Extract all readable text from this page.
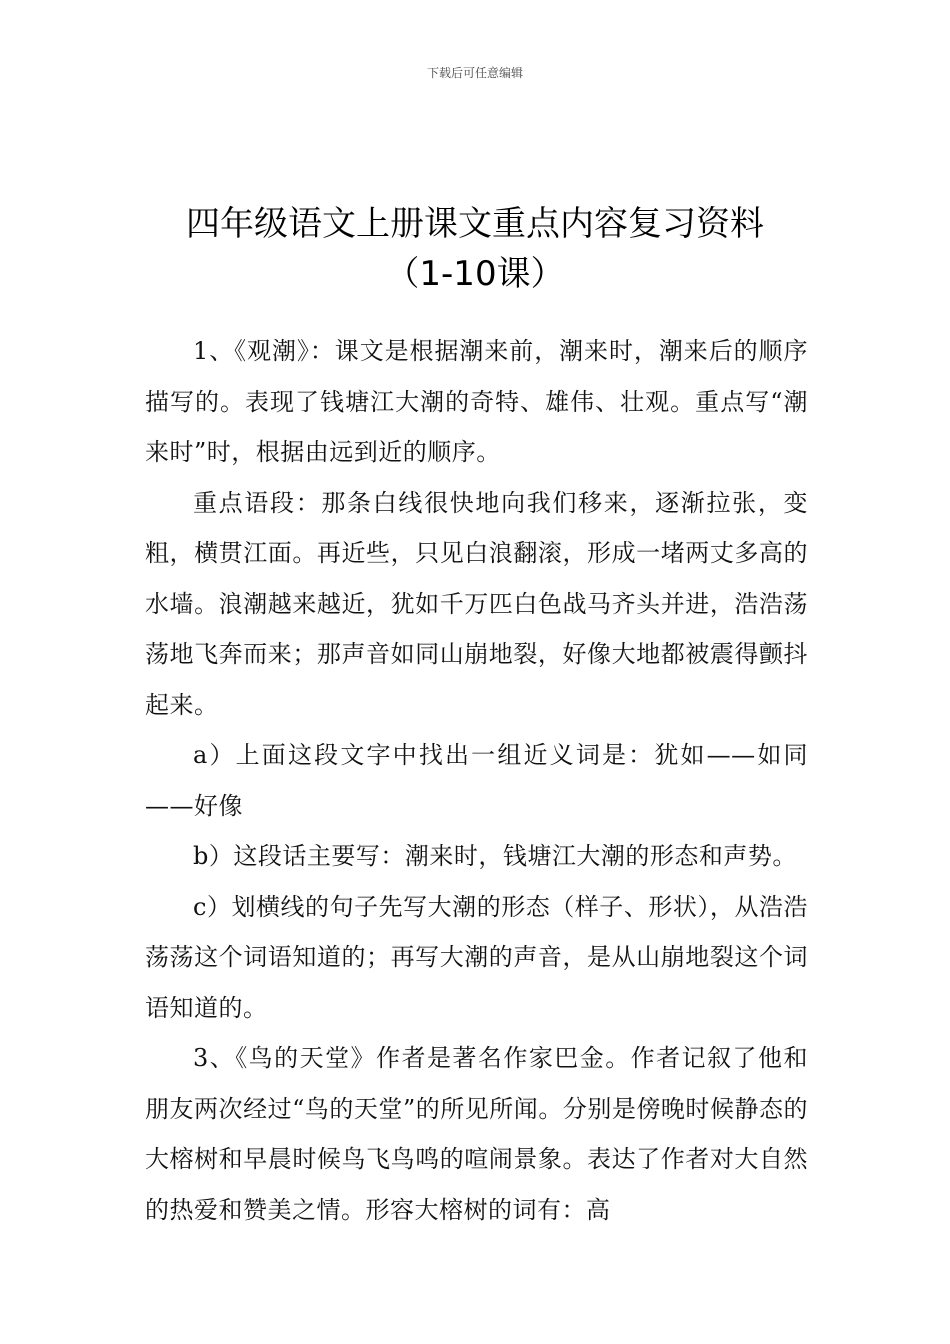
下载后可任意编辑
四年级语文上册课文重点内容复习资料
（1-10课）

1、《观潮》：课文是根据潮来前，潮来时，潮来后的顺序描写的。表现了钱塘江大潮的奇特、雄伟、壮观。重点写“潮来时”时，根据由远到近的顺序。

重点语段：那条白线很快地向我们移来，逐渐拉张，变粗，横贯江面。再近些，只见白浪翻滚，形成一堵两丈多高的水墙。浪潮越来越近，犹如千万匹白色战马齐头并进，浩浩荡荡地飞奔而来；那声音如同山崩地裂，好像大地都被震得颤抖起来。

a）上面这段文字中找出一组近义词是：犹如——如同——好像

b）这段话主要写：潮来时，钱塘江大潮的形态和声势。

c）划横线的句子先写大潮的形态（样子、形状），从浩浩荡荡这个词语知道的；再写大潮的声音，是从山崩地裂这个词语知道的。

3、《鸟的天堂》作者是著名作家巴金。作者记叙了他和朋友两次经过“鸟的天堂”的所见所闻。分别是傍晚时候静态的大榕树和早晨时候鸟飞鸟鸣的喧闹景象。表达了作者对大自然的热爱和赞美之情。形容大榕树的词有：高
